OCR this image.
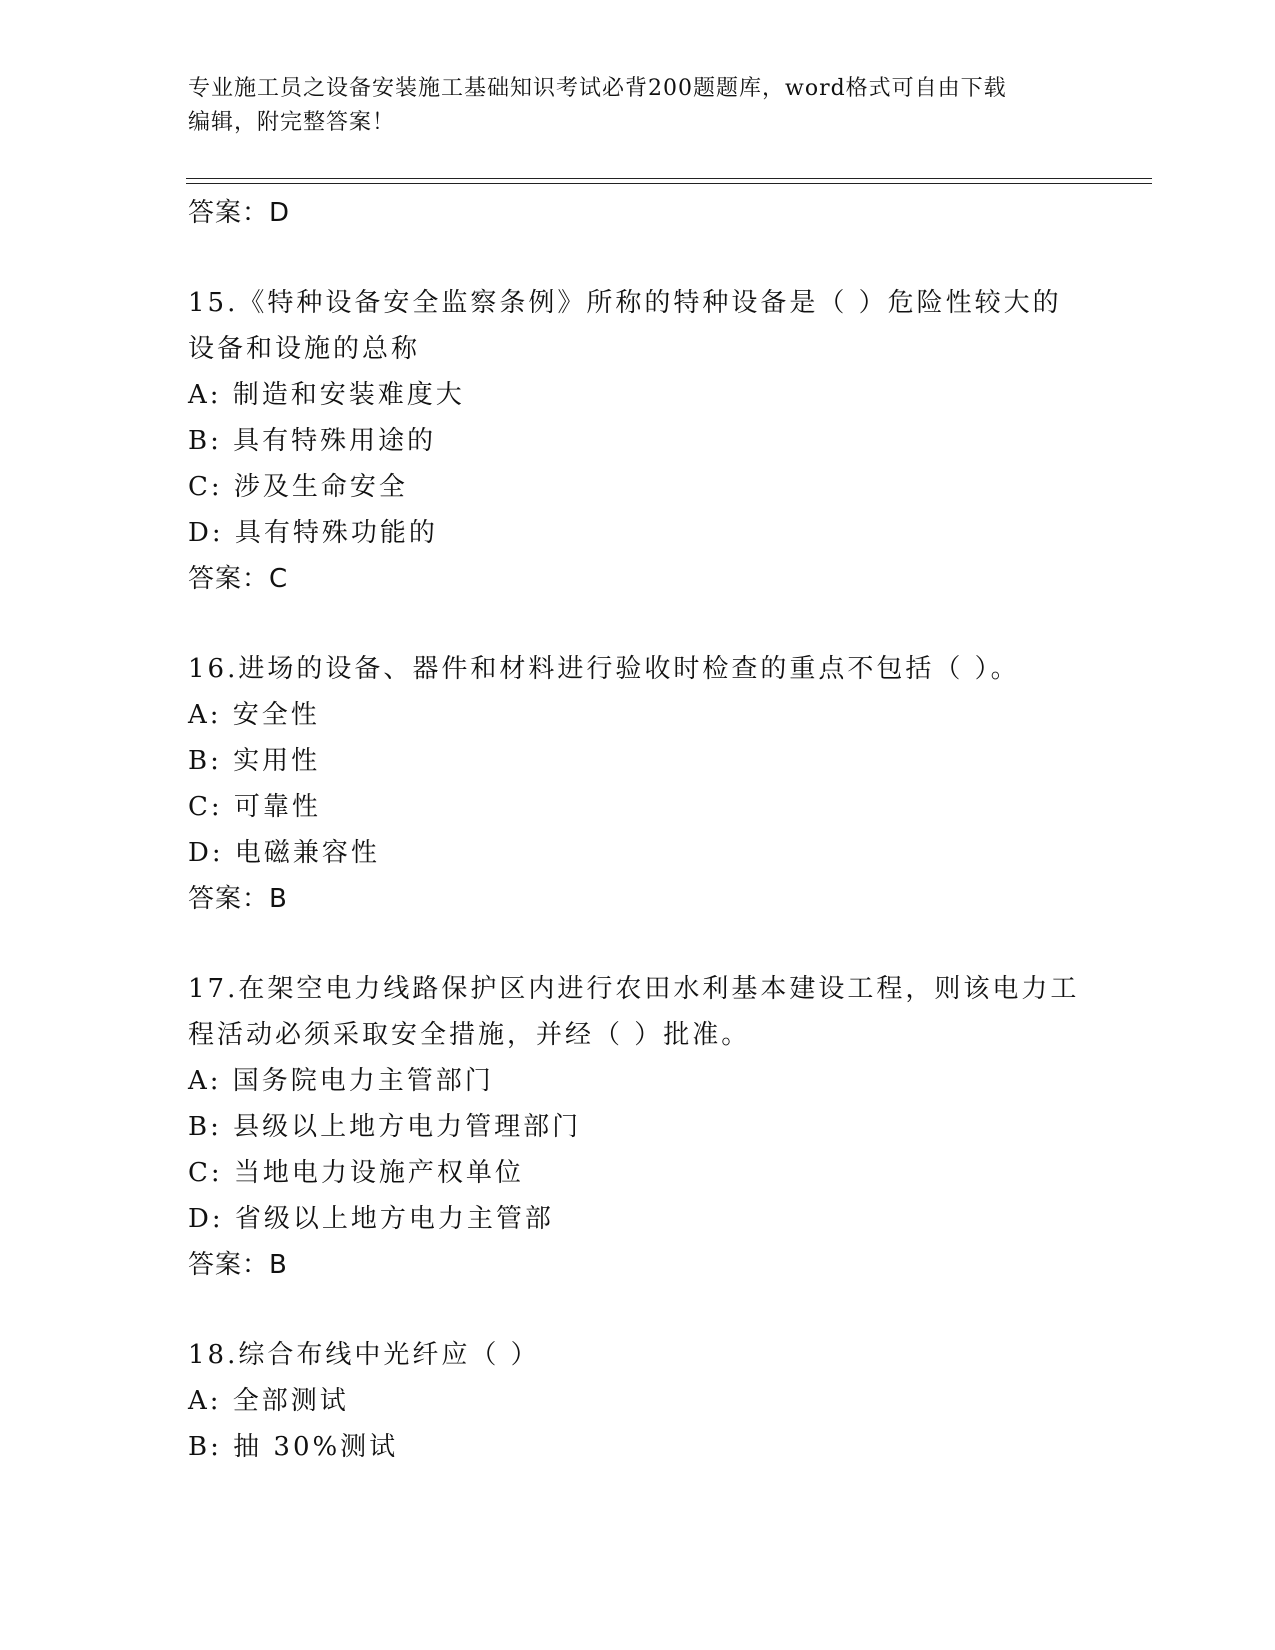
专业施工员之设备安装施工基础知识考试必背200题题库，word格式可自由下载
编辑，附完整答案！

答案：D

15.《特种设备安全监察条例》所称的特种设备是（ ）危险性较大的

设备和设施的总称

A: 制造和安装难度大

B: 具有特殊用途的

C: 涉及生命安全

D: 具有特殊功能的

答案：C

16.进场的设备、器件和材料进行验收时检查的重点不包括（ ）。

A: 安全性

B: 实用性

C: 可靠性

D: 电磁兼容性

答案：B

17.在架空电力线路保护区内进行农田水利基本建设工程，则该电力工

程活动必须采取安全措施，并经（ ）批准。

A: 国务院电力主管部门

B: 县级以上地方电力管理部门

C: 当地电力设施产权单位

D: 省级以上地方电力主管部

答案：B

18.综合布线中光纤应（ ）

A: 全部测试

B: 抽 30%测试
